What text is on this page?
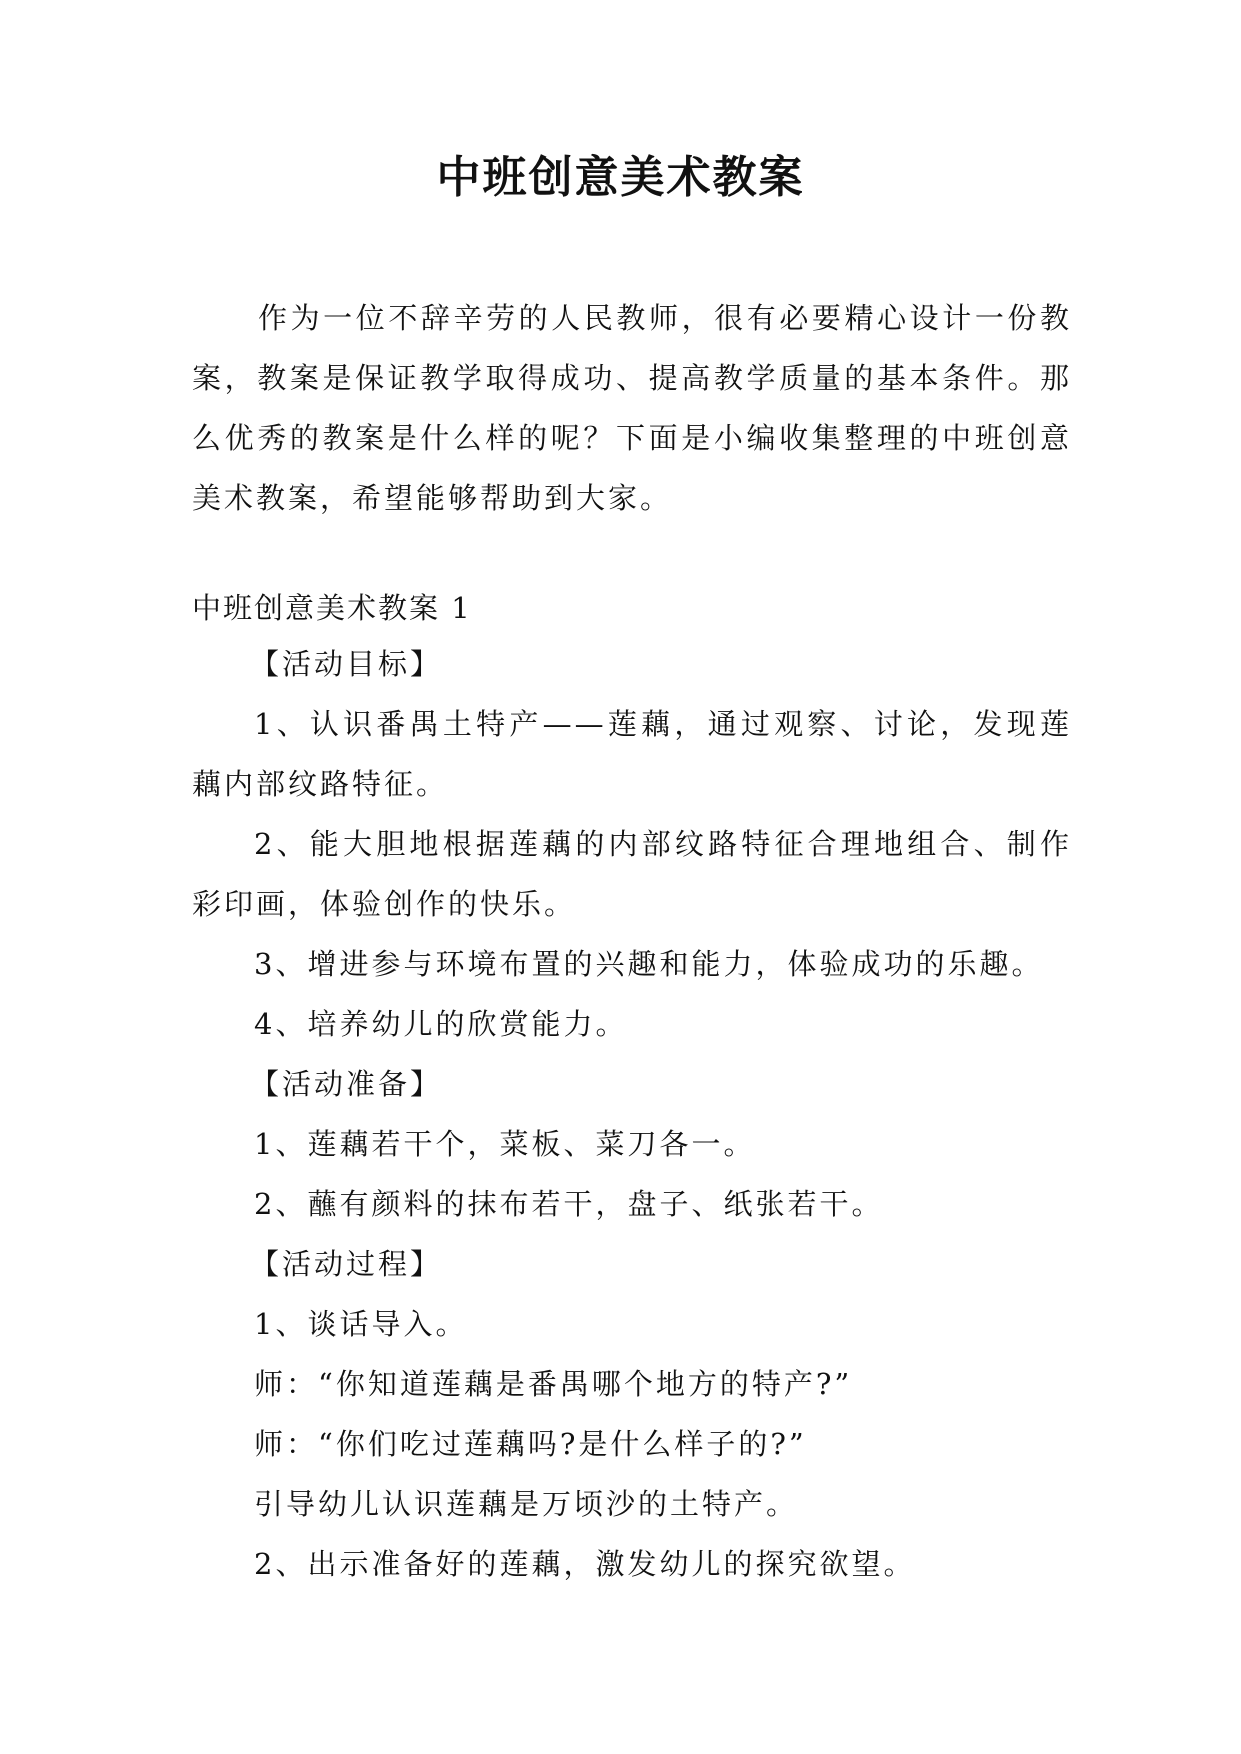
中班创意美术教案

作为一位不辞辛劳的人民教师，很有必要精心设计一份教案，教案是保证教学取得成功、提高教学质量的基本条件。那么优秀的教案是什么样的呢？下面是小编收集整理的中班创意美术教案，希望能够帮助到大家。

中班创意美术教案 1

【活动目标】

1、认识番禺土特产——莲藕，通过观察、讨论，发现莲藕内部纹路特征。

2、能大胆地根据莲藕的内部纹路特征合理地组合、制作彩印画，体验创作的快乐。

3、增进参与环境布置的兴趣和能力，体验成功的乐趣。

4、培养幼儿的欣赏能力。

【活动准备】

1、莲藕若干个，菜板、菜刀各一。

2、蘸有颜料的抹布若干，盘子、纸张若干。

【活动过程】

1、谈话导入。

师：“你知道莲藕是番禺哪个地方的特产?”

师：“你们吃过莲藕吗?是什么样子的?”

引导幼儿认识莲藕是万顷沙的土特产。

2、出示准备好的莲藕，激发幼儿的探究欲望。
